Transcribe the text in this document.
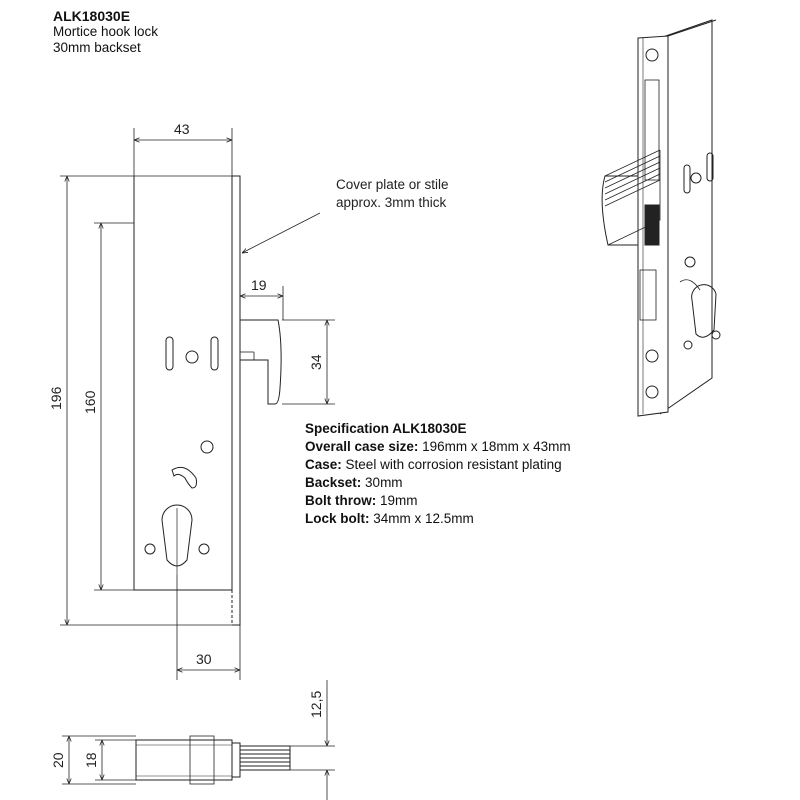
ALK18030E
Mortice hook lock
30mm backset
43
196 160
19
34
30
Cover plate or stile
approx. 3mm thick
12,5
18
20
Specification ALK18030E
Overall case size: 196mm x 18mm x 43mm
Case: Steel with corrosion resistant plating
Backset: 30mm
Bolt throw: 19mm
Lock bolt: 34mm x 12.5mm
